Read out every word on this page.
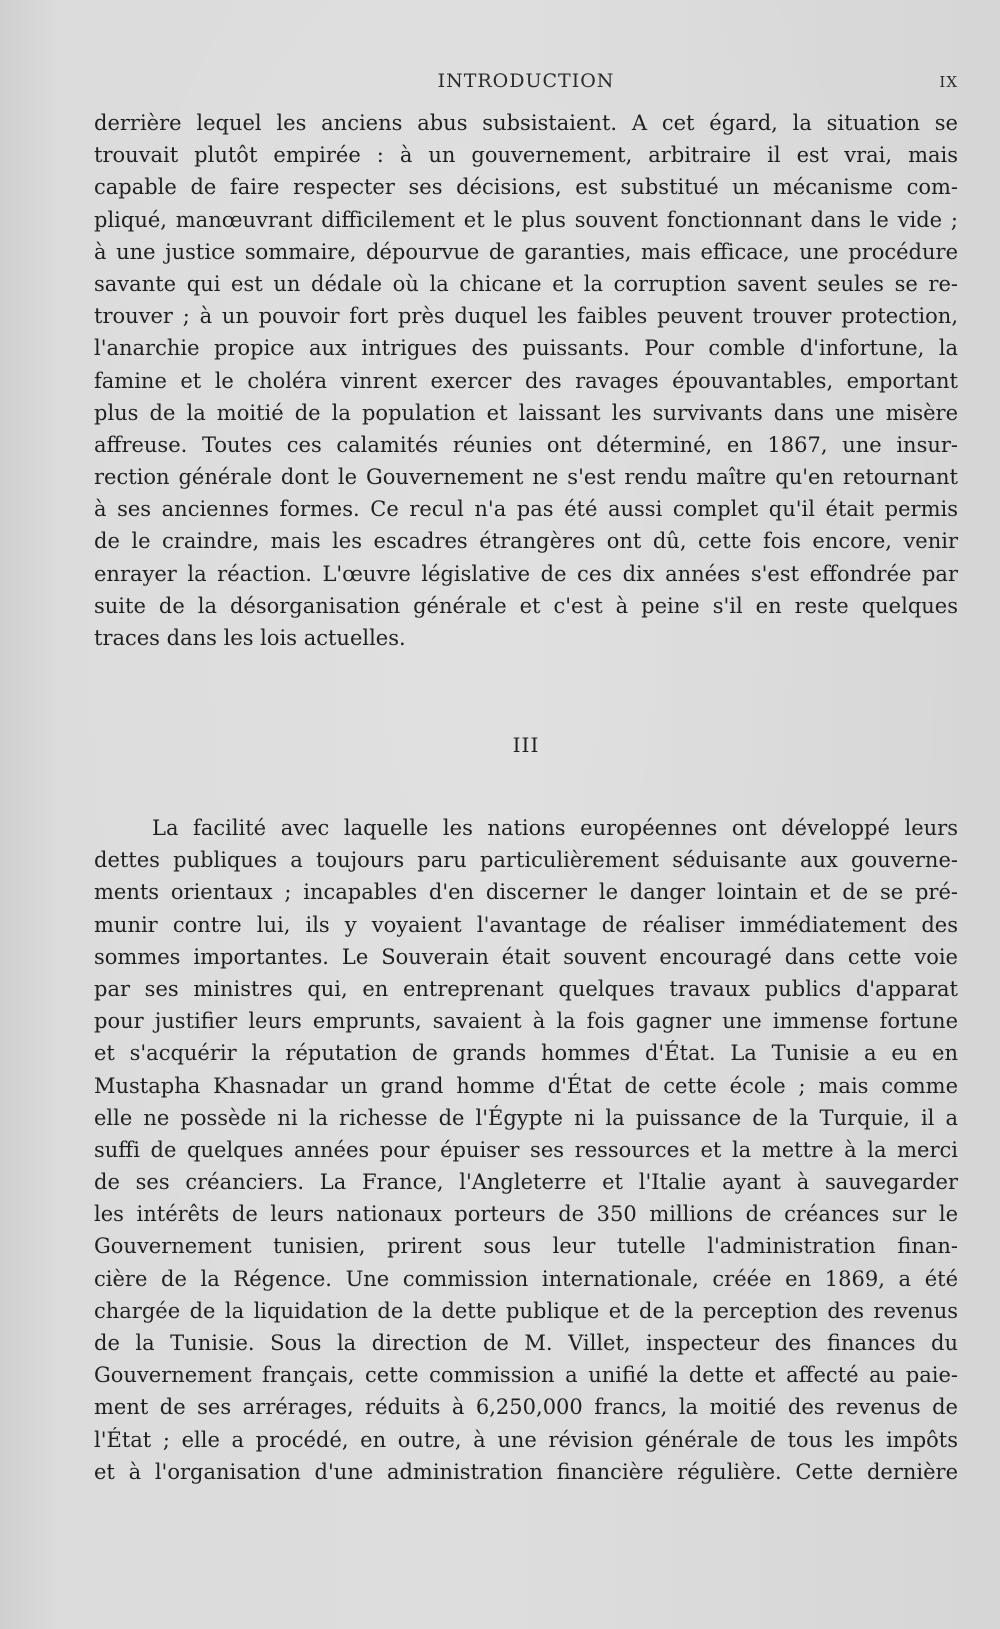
INTRODUCTION	IX

derrière lequel les anciens abus subsistaient. A cet égard, la situation se
trouvait plutôt empirée : à un gouvernement, arbitraire il est vrai, mais
capable de faire respecter ses décisions, est substitué un mécanisme com-
pliqué, manœuvrant difficilement et le plus souvent fonctionnant dans le vide ;
à une justice sommaire, dépourvue de garanties, mais efficace, une procédure
savante qui est un dédale où la chicane et la corruption savent seules se re-
trouver ; à un pouvoir fort près duquel les faibles peuvent trouver protection,
l'anarchie propice aux intrigues des puissants. Pour comble d'infortune, la
famine et le choléra vinrent exercer des ravages épouvantables, emportant
plus de la moitié de la population et laissant les survivants dans une misère
affreuse. Toutes ces calamités réunies ont déterminé, en 1867, une insur-
rection générale dont le Gouvernement ne s'est rendu maître qu'en retournant
à ses anciennes formes. Ce recul n'a pas été aussi complet qu'il était permis
de le craindre, mais les escadres étrangères ont dû, cette fois encore, venir
enrayer la réaction. L'œuvre législative de ces dix années s'est effondrée par
suite de la désorganisation générale et c'est à peine s'il en reste quelques
traces dans les lois actuelles.

III

La facilité avec laquelle les nations européennes ont développé leurs
dettes publiques a toujours paru particulièrement séduisante aux gouverne-
ments orientaux ; incapables d'en discerner le danger lointain et de se pré-
munir contre lui, ils y voyaient l'avantage de réaliser immédiatement des
sommes importantes. Le Souverain était souvent encouragé dans cette voie
par ses ministres qui, en entreprenant quelques travaux publics d'apparat
pour justifier leurs emprunts, savaient à la fois gagner une immense fortune
et s'acquérir la réputation de grands hommes d'État. La Tunisie a eu en
Mustapha Khasnadar un grand homme d'État de cette école ; mais comme
elle ne possède ni la richesse de l'Égypte ni la puissance de la Turquie, il a
suffi de quelques années pour épuiser ses ressources et la mettre à la merci
de ses créanciers. La France, l'Angleterre et l'Italie ayant à sauvegarder
les intérêts de leurs nationaux porteurs de 350 millions de créances sur le
Gouvernement tunisien, prirent sous leur tutelle l'administration finan-
cière de la Régence. Une commission internationale, créée en 1869, a été
chargée de la liquidation de la dette publique et de la perception des revenus
de la Tunisie. Sous la direction de M. Villet, inspecteur des finances du
Gouvernement français, cette commission a unifié la dette et affecté au paie-
ment de ses arrérages, réduits à 6,250,000 francs, la moitié des revenus de
l'État ; elle a procédé, en outre, à une révision générale de tous les impôts
et à l'organisation d'une administration financière régulière. Cette dernière
